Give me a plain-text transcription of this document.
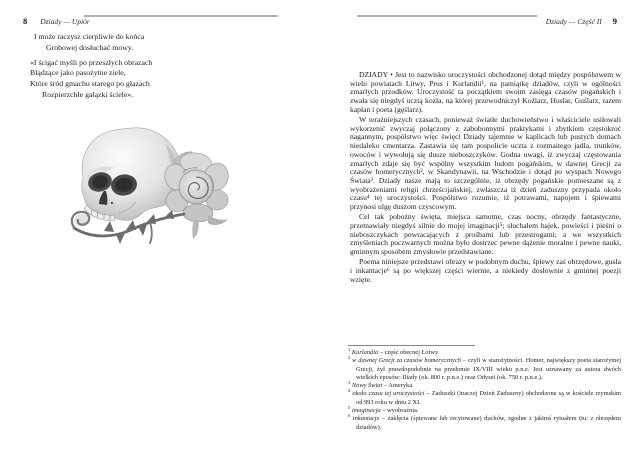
8 Dziady — Upiór
I może raczysz cierpliwie do końca
Grobowej dosłuchać mowy.
«I ścigać myśli po przeszłych obrazach
Błądzące jako pasożytne ziele,
Które śród gmachu starego po głazach
Rozpierzchłe gałązki ściele».
Dziady — Część II 9

DZIADY • Jest to nazwisko uroczystości obchodzonej dotąd między pospólstwem w wielu powiatach Litwy, Prus i Kurlandii¹, na pamiątkę dziadów, czyli w ogólności zmarłych przodków. Uroczystość ta początkiem swoim zasięga czasów pogańskich i zwała się niegdyś ucztą kozła, na której przewodniczył Koźlarz, Huslar, Guślarz, razem kapłan i poeta (gęślarz).

W teraźniejszych czasach, ponieważ światłe duchowieństwo i właściciele usiłowali wykorzenić zwyczaj połączony z zabobonnymi praktykami i zbytkiem częstokroć nagannym, pospólstwo więc święci Dziady tajemnie w kaplicach lub pustych domach niedaleko cmentarza. Zastawia się tam pospolicie uczta z rozmaitego jadła, trunków, owoców i wywołują się dusze nieboszczyków. Godna uwagi, iż zwyczaj częstowania zmarłych zdaje się być wspólny wszystkim ludom pogańskim, w dawnej Grecji za czasów homerycznych², w Skandynawii, na Wschodzie i dotąd po wyspach Nowego Świata³. Dziady nasze mają to szczególnie, iż obrzędy pogańskie pomieszane są z wyobrażeniami religii chrześcijańskiej, zwłaszcza iż dzień zaduszny przypada około czasu⁴ tej uroczystości. Pospólstwo rozumie, iż potrawami, napojem i śpiewami przynosi ulgę duszom czyscowym.

Cel tak pobożny święta, miejsca samotne, czas nocny, obrzędy fantastyczne, przemawiały niegdyś silnie do mojej imaginacji⁵; słuchałem bajek, powieści i pieśni o nieboszczykach powracających z prośbami lub przestrogami; a we wszystkich zmyśleniach poczwarnych można było dostrzec pewne dążenie moralne i pewne nauki, gminnym sposobem zmysłowie przedstawiane.

Poema niniejsze przedstawi obrazy w podobnym duchu, śpiewy zaś obrzędowe, gusła i inkantacje⁶ są po większej części wiernie, a niekiedy dosłownie z gminnej poezji wzięte.

$^1$ Kurlandia – część obecnej Łotwy.

$^2$ w dawnej Grecji za czasów homerycznych – czyli w starożytności. Homer, największy poeta starożytnej Grecji, żył prawdopodobnie na przełomie IX/VIII wieku p.n.e. Jest uznawany za autora dwóch wielkich eposów: Iliady (ok. 800 r. p.n.e.) oraz Odysei (ok. 750 r. p.n.e.).

$^3$ Nowy Świat – Ameryka.

$^4$ około czasu tej uroczystości – Zaduszki (inaczej Dzień Zaduszny) obchodzone są w kościele rzymskim od 993 roku w dniu 2 XI.

$^5$ imaginacja – wyobraźnia.

$^6$ inkantacje – zaklęcia (śpiewane lub recytowane) duchów, zgodne z jakimś rytuałem (tu: z obrzędem dziadów).
